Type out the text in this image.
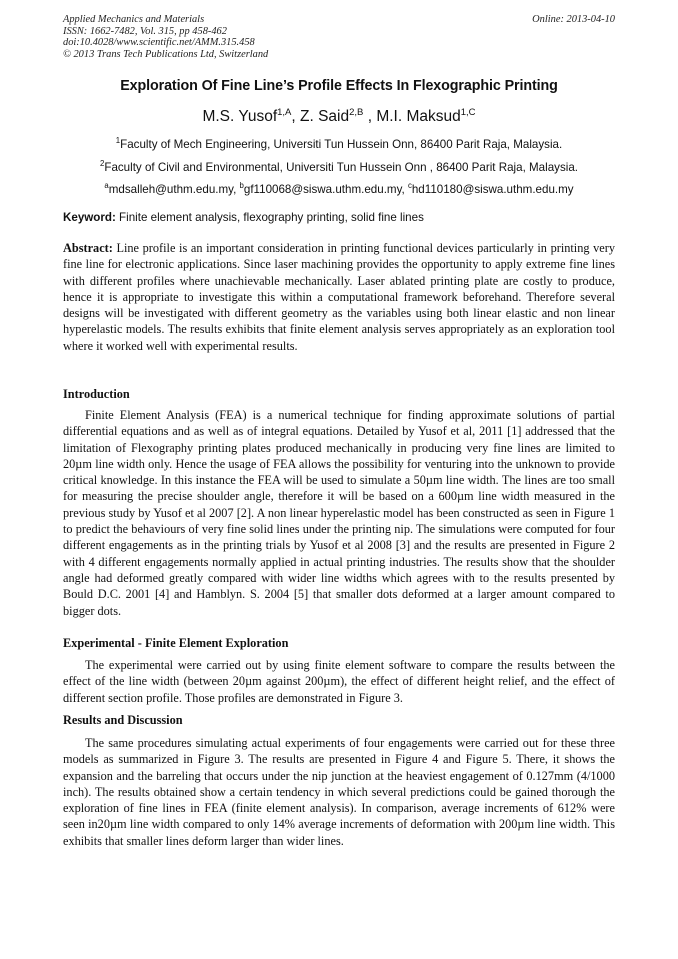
Applied Mechanics and Materials
ISSN: 1662-7482, Vol. 315, pp 458-462
doi:10.4028/www.scientific.net/AMM.315.458
© 2013 Trans Tech Publications Ltd, Switzerland
Online: 2013-04-10
Exploration Of Fine Line’s Profile Effects In Flexographic Printing
M.S. Yusof$^{1,A}$, Z. Said$^{2,B}$ , M.I. Maksud$^{1,C}$
$^1$Faculty of Mech Engineering, Universiti Tun Hussein Onn, 86400 Parit Raja, Malaysia.
$^2$Faculty of Civil and Environmental, Universiti Tun Hussein Onn , 86400 Parit Raja, Malaysia.
$^a$mdsalleh@uthm.edu.my, $^b$gf110068@siswa.uthm.edu.my, $^c$hd110180@siswa.uthm.edu.my
Keyword: Finite element analysis, flexography printing, solid fine lines
Abstract: Line profile is an important consideration in printing functional devices particularly in printing very fine line for electronic applications. Since laser machining provides the opportunity to apply extreme fine lines with different profiles where unachievable mechanically. Laser ablated printing plate are costly to produce, hence it is appropriate to investigate this within a computational framework beforehand. Therefore several designs will be investigated with different geometry as the variables using both linear elastic and non linear hyperelastic models. The results exhibits that finite element analysis serves appropriately as an exploration tool where it worked well with experimental results.
Introduction
Finite Element Analysis (FEA) is a numerical technique for finding approximate solutions of partial differential equations and as well as of integral equations. Detailed by Yusof et al, 2011 [1] addressed that the limitation of Flexography printing plates produced mechanically in producing very fine lines are limited to 20µm line width only. Hence the usage of FEA allows the possibility for venturing into the unknown to provide critical knowledge. In this instance the FEA will be used to simulate a 50µm line width. The lines are too small for measuring the precise shoulder angle, therefore it will be based on a 600µm line width measured in the previous study by Yusof et al 2007 [2]. A non linear hyperelastic model has been constructed as seen in Figure 1 to predict the behaviours of very fine solid lines under the printing nip. The simulations were computed for four different engagements as in the printing trials by Yusof et al 2008 [3] and the results are presented in Figure 2 with 4 different engagements normally applied in actual printing industries. The results show that the shoulder angle had deformed greatly compared with wider line widths which agrees with to the results presented by Bould D.C. 2001 [4] and Hamblyn. S. 2004 [5] that smaller dots deformed at a larger amount compared to bigger dots.
Experimental - Finite Element Exploration
The experimental were carried out by using finite element software to compare the results between the effect of the line width (between 20µm against 200µm), the effect of different height relief, and the effect of different section profile. Those profiles are demonstrated in Figure 3.
Results and Discussion
The same procedures simulating actual experiments of four engagements were carried out for these three models as summarized in Figure 3. The results are presented in Figure 4 and Figure 5. There, it shows the expansion and the barreling that occurs under the nip junction at the heaviest engagement of 0.127mm (4/1000 inch). The results obtained show a certain tendency in which several predictions could be gained thorough the exploration of fine lines in FEA (finite element analysis). In comparison, average increments of 612% were seen in20µm line width compared to only 14% average increments of deformation with 200µm line width. This exhibits that smaller lines deform larger than wider lines.
